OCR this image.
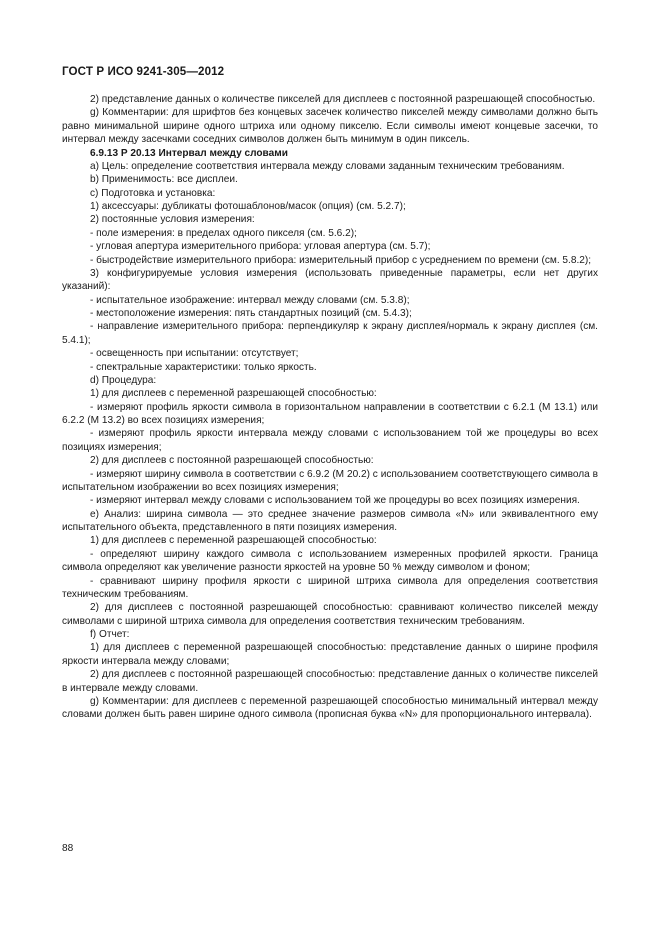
ГОСТ Р ИСО 9241-305—2012

2) представление данных о количестве пикселей для дисплеев с постоянной разрешающей способностью.

g) Комментарии: для шрифтов без концевых засечек количество пикселей между символами должно быть равно минимальной ширине одного штриха или одному пикселю. Если символы имеют концевые засечки, то интервал между засечками соседних символов должен быть минимум в один пиксель.

6.9.13 Р 20.13 Интервал между словами

а) Цель: определение соответствия интервала между словами заданным техническим требованиям.

b) Применимость: все дисплеи.

c) Подготовка и установка:

1) аксессуары: дубликаты фотошаблонов/масок (опция) (см. 5.2.7);

2) постоянные условия измерения:

- поле измерения: в пределах одного пикселя (см. 5.6.2);

- угловая апертура измерительного прибора: угловая апертура (см. 5.7);

- быстродействие измерительного прибора: измерительный прибор с усреднением по времени (см. 5.8.2);

3) конфигурируемые условия измерения (использовать приведенные параметры, если нет других указаний):

- испытательное изображение: интервал между словами (см. 5.3.8);

- местоположение измерения: пять стандартных позиций (см. 5.4.3);

- направление измерительного прибора: перпендикуляр к экрану дисплея/нормаль к экрану дисплея (см. 5.4.1);

- освещенность при испытании: отсутствует;

- спектральные характеристики: только яркость.

d) Процедура:

1) для дисплеев с переменной разрешающей способностью:

- измеряют профиль яркости символа в горизонтальном направлении в соответствии с 6.2.1 (М 13.1) или 6.2.2 (М 13.2) во всех позициях измерения;

- измеряют профиль яркости интервала между словами с использованием той же процедуры во всех позициях измерения;

2) для дисплеев с постоянной разрешающей способностью:

- измеряют ширину символа в соответствии с 6.9.2 (М 20.2) с использованием соответствующего символа в испытательном изображении во всех позициях измерения;

- измеряют интервал между словами с использованием той же процедуры во всех позициях измерения.

е) Анализ: ширина символа — это среднее значение размеров символа «N» или эквивалентного ему испытательного объекта, представленного в пяти позициях измерения.

1) для дисплеев с переменной разрешающей способностью:

- определяют ширину каждого символа с использованием измеренных профилей яркости. Граница символа определяют как увеличение разности яркостей на уровне 50 % между символом и фоном;

- сравнивают ширину профиля яркости с шириной штриха символа для определения соответствия техническим требованиям.

2) для дисплеев с постоянной разрешающей способностью: сравнивают количество пикселей между символами с шириной штриха символа для определения соответствия техническим требованиям.

f) Отчет:

1) для дисплеев с переменной разрешающей способностью: представление данных о ширине профиля яркости интервала между словами;

2) для дисплеев с постоянной разрешающей способностью: представление данных о количестве пикселей в интервале между словами.

g) Комментарии: для дисплеев с переменной разрешающей способностью минимальный интервал между словами должен быть равен ширине одного символа (прописная буква «N» для пропорционального интервала).

88
